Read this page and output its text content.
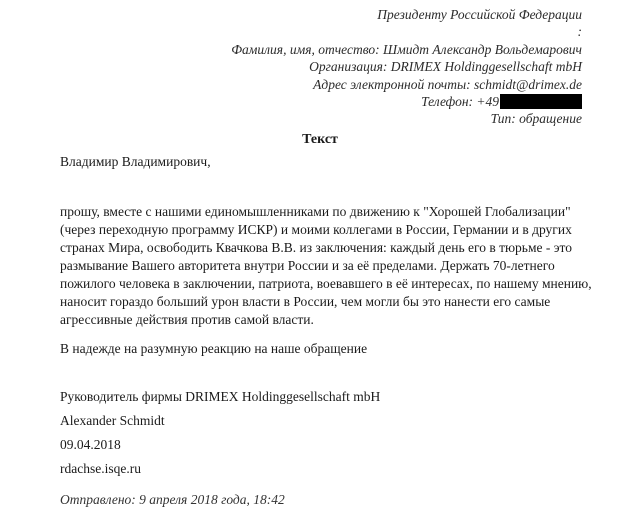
Президенту Российской Федерации
:
Фамилия, имя, отчество: Шмидт Александр Вольдемарович
Организация: DRIMEX Holdinggesellschaft mbH
Адрес электронной почты: schmidt@drimex.de
Телефон: +49
Тип: обращение
Текст
Владимир Владимирович,
прошу, вместе с нашими единомышленниками по движению к "Хорошей Глобализации"
(через переходную программу ИСКР) и моими коллегами в России, Германии и в других
странах Мира, освободить Квачкова В.В. из заключения: каждый день его в тюрьме - это
размывание Вашего авторитета внутри России и за её пределами. Держать 70-летнего
пожилого человека в заключении, патриота, воевавшего в её интересах, по нашему мнению,
наносит гораздо больший урон власти в России, чем могли бы это нанести его самые
агрессивные действия против самой власти.
В надежде на разумную реакцию на наше обращение
Руководитель фирмы DRIMEX Holdinggesellschaft mbH
Alexander Schmidt
09.04.2018
rdachse.isqe.ru
Отправлено: 9 апреля 2018 года, 18:42
